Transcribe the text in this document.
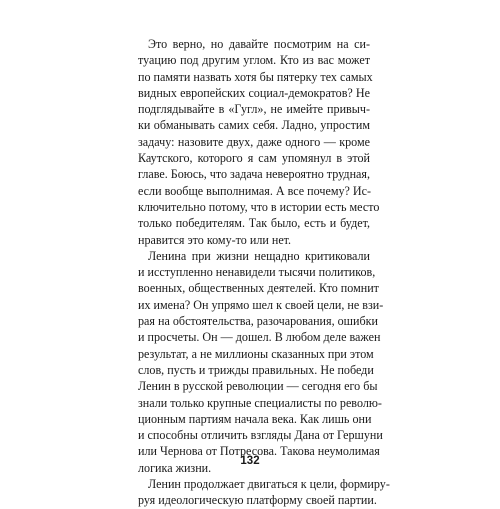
Это верно, но давайте посмотрим на си-
туацию под другим углом. Кто из вас может
по памяти назвать хотя бы пятерку тех самых
видных европейских социал-демократов? Не
подглядывайте в «Гугл», не имейте привыч-
ки обманывать самих себя. Ладно, упростим
задачу: назовите двух, даже одного — кроме
Каутского, которого я сам упомянул в этой
главе. Боюсь, что задача невероятно трудная,
если вообще выполнимая. А все почему? Ис-
ключительно потому, что в истории есть место
только победителям. Так было, есть и будет,
нравится это кому-то или нет.
Ленина при жизни нещадно критиковали
и исступленно ненавидели тысячи политиков,
военных, общественных деятелей. Кто помнит
их имена? Он упрямо шел к своей цели, не взи-
рая на обстоятельства, разочарования, ошибки
и просчеты. Он — дошел. В любом деле важен
результат, а не миллионы сказанных при этом
слов, пусть и трижды правильных. Не победи
Ленин в русской революции — сегодня его бы
знали только крупные специалисты по револю-
ционным партиям начала века. Как лишь они
и способны отличить взгляды Дана от Гершуни
или Чернова от Потресова. Такова неумолимая
логика жизни.
Ленин продолжает двигаться к цели, формиру-
руя идеологическую платформу своей партии.
132
